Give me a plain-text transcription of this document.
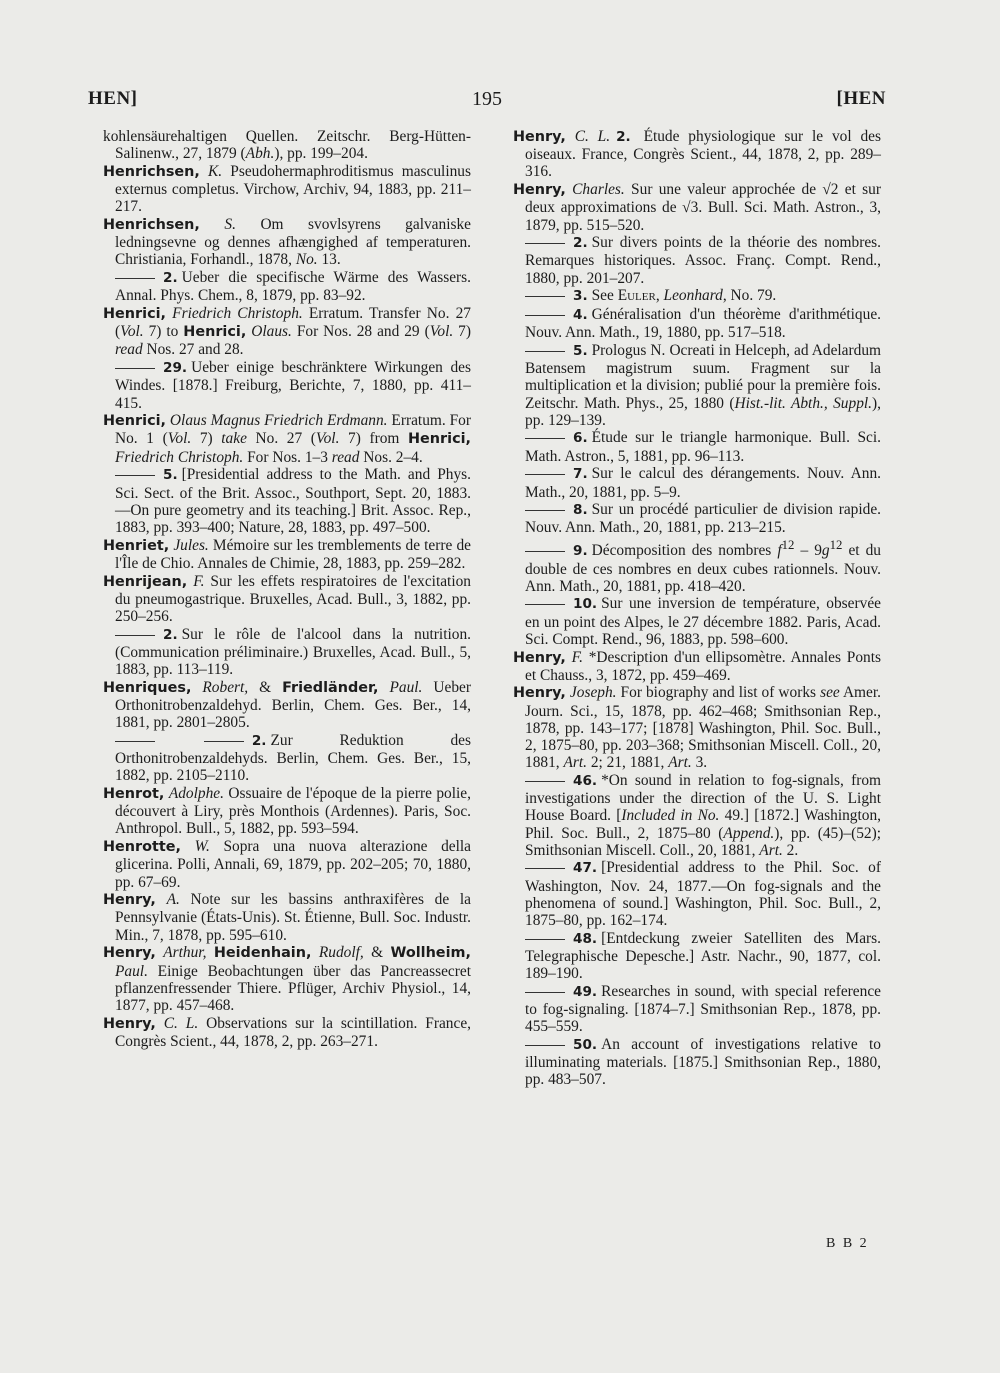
HEN]	195	[HEN

kohlensäurehaltigen Quellen. Zeitschr. Berg-Hütten-Salinenw., 27, 1879 (Abh.), pp. 199–204.

Henrichsen, K. Pseudohermaphroditismus masculinus externus completus. Virchow, Archiv, 94, 1883, pp. 211–217.

Henrichsen, S. Om svovlsyrens galvaniske ledningsevne og dennes afhængighed af temperaturen. Christiania, Forhandl., 1878, No. 13.

2. Ueber die specifische Wärme des Wassers. Annal. Phys. Chem., 8, 1879, pp. 83–92.

Henrici, Friedrich Christoph. Erratum. Transfer No. 27 (Vol. 7) to Henrici, Olaus. For Nos. 28 and 29 (Vol. 7) read Nos. 27 and 28.

29. Ueber einige beschränktere Wirkungen des Windes. [1878.] Freiburg, Berichte, 7, 1880, pp. 411–415.

Henrici, Olaus Magnus Friedrich Erdmann. Erratum. For No. 1 (Vol. 7) take No. 27 (Vol. 7) from Henrici, Friedrich Christoph. For Nos. 1–3 read Nos. 2–4.

5. [Presidential address to the Math. and Phys. Sci. Sect. of the Brit. Assoc., Southport, Sept. 20, 1883.—On pure geometry and its teaching.] Brit. Assoc. Rep., 1883, pp. 393–400; Nature, 28, 1883, pp. 497–500.

Henriet, Jules. Mémoire sur les tremblements de terre de l'Île de Chio. Annales de Chimie, 28, 1883, pp. 259–282.

Henrijean, F. Sur les effets respiratoires de l'excitation du pneumogastrique. Bruxelles, Acad. Bull., 3, 1882, pp. 250–256.

2. Sur le rôle de l'alcool dans la nutrition. (Communication préliminaire.) Bruxelles, Acad. Bull., 5, 1883, pp. 113–119.

Henriques, Robert, & Friedländer, Paul. Ueber Orthonitrobenzaldehyd. Berlin, Chem. Ges. Ber., 14, 1881, pp. 2801–2805.

2. Zur Reduktion des Orthonitrobenzaldehyds. Berlin, Chem. Ges. Ber., 15, 1882, pp. 2105–2110.

Henrot, Adolphe. Ossuaire de l'époque de la pierre polie, découvert à Liry, près Monthois (Ardennes). Paris, Soc. Anthropol. Bull., 5, 1882, pp. 593–594.

Henrotte, W. Sopra una nuova alterazione della glicerina. Polli, Annali, 69, 1879, pp. 202–205; 70, 1880, pp. 67–69.

Henry, A. Note sur les bassins anthraxifères de la Pennsylvanie (États-Unis). St. Étienne, Bull. Soc. Industr. Min., 7, 1878, pp. 595–610.

Henry, Arthur, Heidenhain, Rudolf, & Wollheim, Paul. Einige Beobachtungen über das Pancreassecret pflanzenfressender Thiere. Pflüger, Archiv Physiol., 14, 1877, pp. 457–468.

Henry, C. L. Observations sur la scintillation. France, Congrès Scient., 44, 1878, 2, pp. 263–271.

Henry, C. L. 2. Étude physiologique sur le vol des oiseaux. France, Congrès Scient., 44, 1878, 2, pp. 289–316.

Henry, Charles. Sur une valeur approchée de √2 et sur deux approximations de √3. Bull. Sci. Math. Astron., 3, 1879, pp. 515–520.

2. Sur divers points de la théorie des nombres. Remarques historiques. Assoc. Franç. Compt. Rend., 1880, pp. 201–207.

3. See Euler, Leonhard, No. 79.

4. Généralisation d'un théorème d'arithmétique. Nouv. Ann. Math., 19, 1880, pp. 517–518.

5. Prologus N. Ocreati in Helceph, ad Adelardum Batensem magistrum suum. Fragment sur la multiplication et la division; publié pour la première fois. Zeitschr. Math. Phys., 25, 1880 (Hist.-lit. Abth., Suppl.), pp. 129–139.

6. Étude sur le triangle harmonique. Bull. Sci. Math. Astron., 5, 1881, pp. 96–113.

7. Sur le calcul des dérangements. Nouv. Ann. Math., 20, 1881, pp. 5–9.

8. Sur un procédé particulier de division rapide. Nouv. Ann. Math., 20, 1881, pp. 213–215.

9. Décomposition des nombres $f^{12} - 9g^{12}$ et du double de ces nombres en deux cubes rationnels. Nouv. Ann. Math., 20, 1881, pp. 418–420.

10. Sur une inversion de température, observée en un point des Alpes, le 27 décembre 1882. Paris, Acad. Sci. Compt. Rend., 96, 1883, pp. 598–600.

Henry, F. *Description d'un ellipsomètre. Annales Ponts et Chauss., 3, 1872, pp. 459–469.

Henry, Joseph. For biography and list of works see Amer. Journ. Sci., 15, 1878, pp. 462–468; Smithsonian Rep., 1878, pp. 143–177; [1878] Washington, Phil. Soc. Bull., 2, 1875–80, pp. 203–368; Smithsonian Miscell. Coll., 20, 1881, Art. 2; 21, 1881, Art. 3.

46. *On sound in relation to fog-signals, from investigations under the direction of the U. S. Light House Board. [Included in No. 49.] [1872.] Washington, Phil. Soc. Bull., 2, 1875–80 (Append.), pp. (45)–(52); Smithsonian Miscell. Coll., 20, 1881, Art. 2.

47. [Presidential address to the Phil. Soc. of Washington, Nov. 24, 1877.—On fog-signals and the phenomena of sound.] Washington, Phil. Soc. Bull., 2, 1875–80, pp. 162–174.

48. [Entdeckung zweier Satelliten des Mars. Telegraphische Depesche.] Astr. Nachr., 90, 1877, col. 189–190.

49. Researches in sound, with special reference to fog-signaling. [1874–7.] Smithsonian Rep., 1878, pp. 455–559.

50. An account of investigations relative to illuminating materials. [1875.] Smithsonian Rep., 1880, pp. 483–507.

B B 2
